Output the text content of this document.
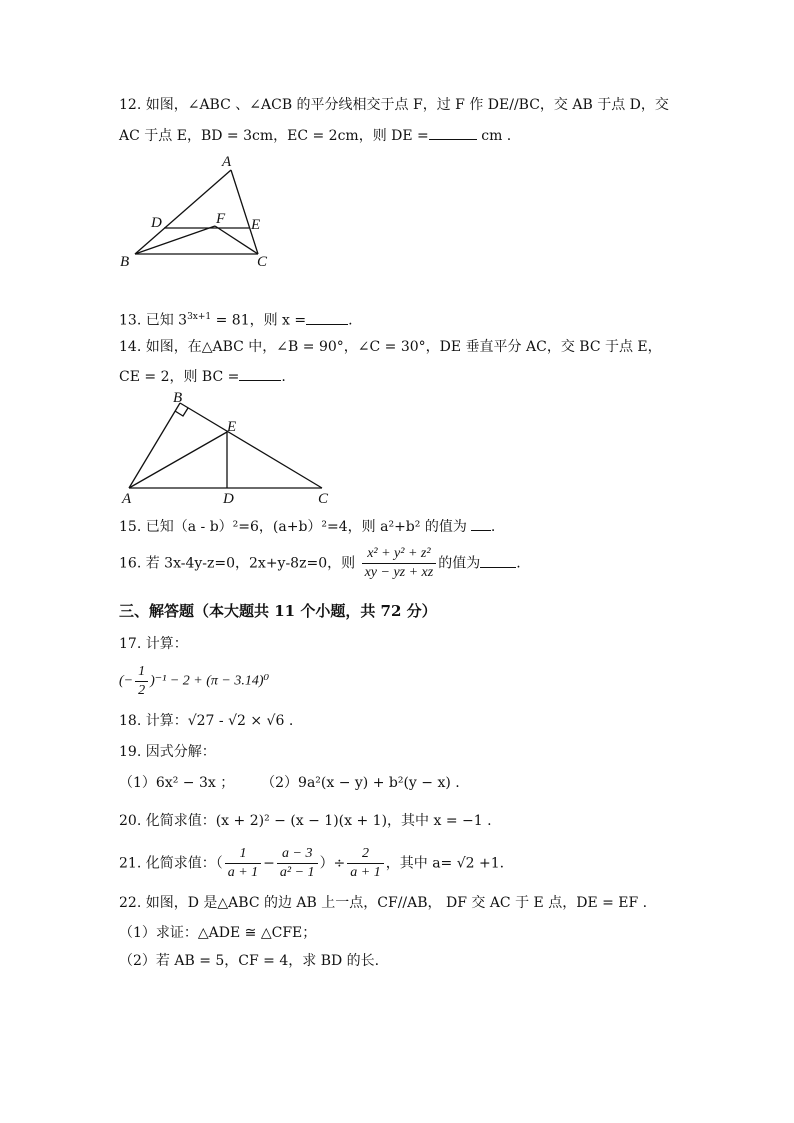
12. 如图，∠ABC 、∠ACB 的平分线相交于点 F，过 F 作 DE//BC，交 AB 于点 D，交
AC 于点 E，BD = 3cm，EC = 2cm，则 DE =	cm .
A
D	F E
B	C
13. 已知 $3^{3x+1} = 81$，则 x =	.
14. 如图，在△ABC 中，∠B = 90°，∠C = 30°，DE 垂直平分 AC，交 BC 于点 E，
CE = 2，则 BC =	.
B
E
A	D	C
15. 已知（a - b）²=6，(a+b）²=4，则 a²+b² 的值为 .
16. 若 3x-4y-z=0，2x+y-8z=0，则 $\frac{\text{x² + y² + z²}}{xy - yz + xz}$ 的值为	.
三、解答题（本大题共 11 个小题，共 72 分）
17. 计算：
(− $\frac{1}{2} )^{-1} - 2 + (\pi - 3.14)^0$
18. 计算：√27 - √2 × √6 .
19. 因式分解：
（1）6x² − 3x ； （2）9a²(x − y) + b²(y − x) .
20. 化简求值：(x + 2)² − (x − 1)(x + 1)，其中 x = −1 .
21. 化简求值：（ $\frac{1}{a + 1} - \frac{a - 3}{\text{a² − 1}}$ ）÷ $\frac{2}{a + 1}$ ，其中 a= √2 +1.
22. 如图，D 是△ABC 的边 AB 上一点，CF//AB， DF 交 AC 于 E 点，DE = EF .
（1）求证：△ADE ≅ △CFE；
（2）若 AB = 5，CF = 4，求 BD 的长.
